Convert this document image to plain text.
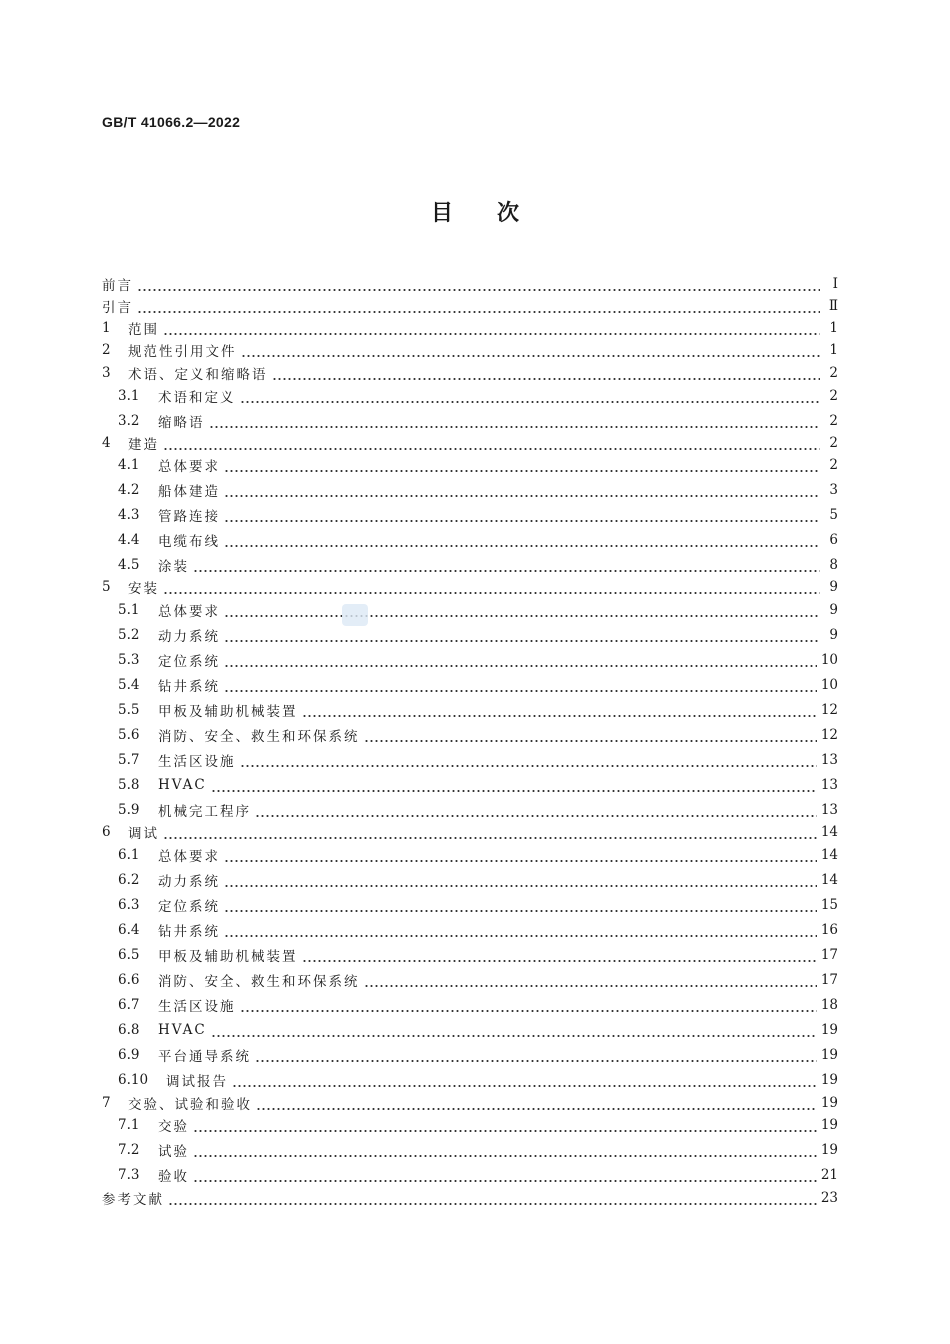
GB/T 41066.2—2022
目 次
前言	Ⅰ
引言	Ⅱ
1	范围	1
2	规范性引用文件	1
3	术语、定义和缩略语	2
3.1	术语和定义	2
3.2	缩略语	2
4	建造	2
4.1	总体要求	2
4.2	船体建造	3
4.3	管路连接	5
4.4	电缆布线	6
4.5	涂装	8
5	安装	9
5.1	总体要求	9
5.2	动力系统	9
5.3	定位系统	10
5.4	钻井系统	10
5.5	甲板及辅助机械装置	12
5.6	消防、安全、救生和环保系统	12
5.7	生活区设施	13
5.8	HVAC	13
5.9	机械完工程序	13
6	调试	14
6.1	总体要求	14
6.2	动力系统	14
6.3	定位系统	15
6.4	钻井系统	16
6.5	甲板及辅助机械装置	17
6.6	消防、安全、救生和环保系统	17
6.7	生活区设施	18
6.8	HVAC	19
6.9	平台通导系统	19
6.10	调试报告	19
7	交验、试验和验收	19
7.1	交验	19
7.2	试验	19
7.3	验收	21
参考文献	23
